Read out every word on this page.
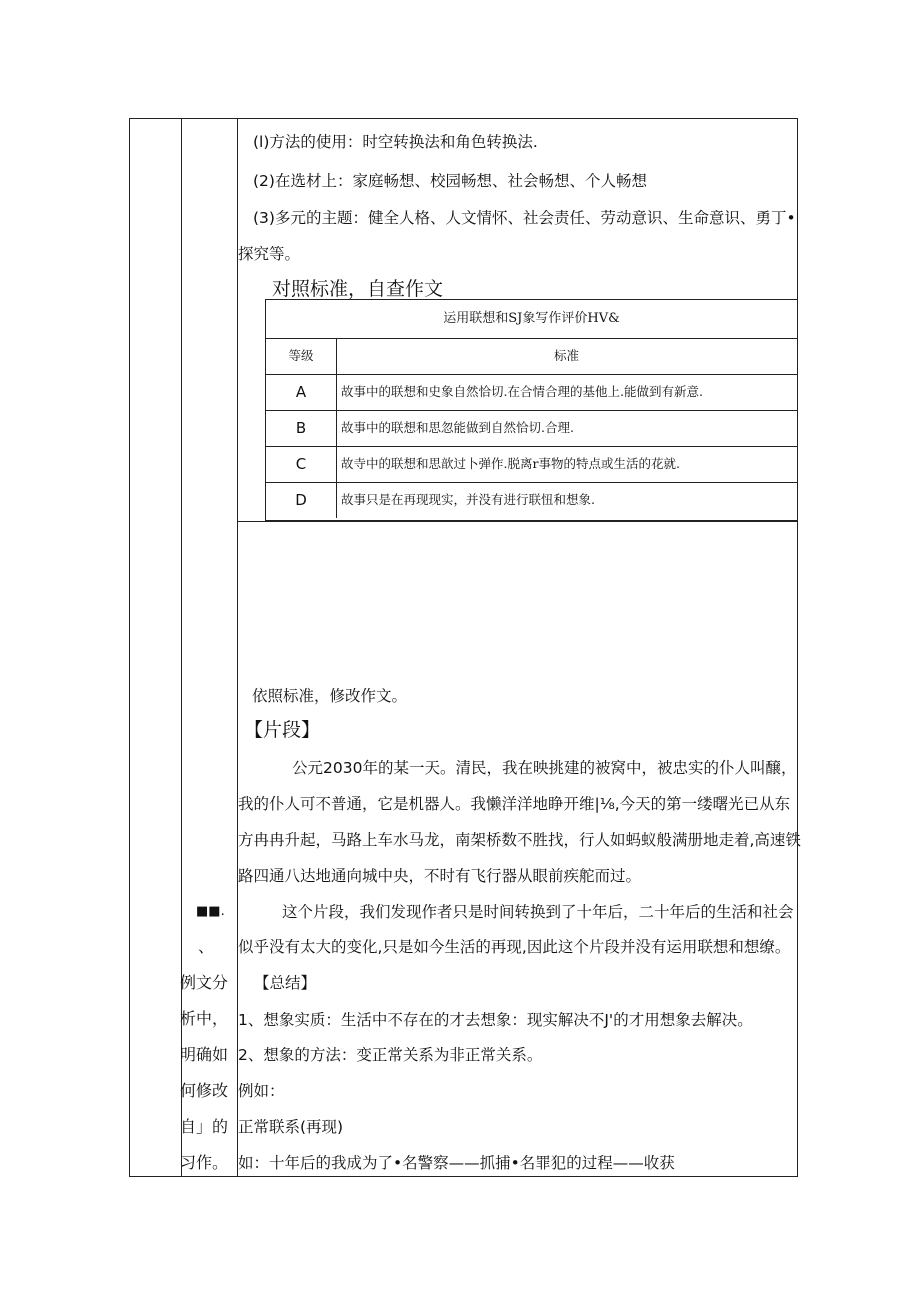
(l)方法的使用：时空转换法和角色转换法.
(2)在选材上：家庭畅想、校园畅想、社会畅想、个人畅想
(3)多元的主题：健全人格、人文情怀、社会责任、劳动意识、生命意识、勇丁•
探究等。
对照标准，自查作文
运用联想和SJ象写作评价HV&
等级	标准
A	故事中的联想和史象自然恰切.在合情合理的基他上.能做到有新意.
B	故事中的联想和思忽能做到自然恰切.合理.
C	故寺中的联想和思歆过卜弹作.脱离r事物的特点或生活的花就.
D	故事只是在再现现实，并没有进行联忸和想象.
依照标准，修改作文。
【片段】
公元2030年的某一天。清民，我在映挑建的被窝中，被忠实的仆人叫醸，
我的仆人可不普通，它是机器人。我懒洋洋地睁开维|⅛,今天的第一缕曙光已从东
方冉冉升起，马路上车水马龙，南架桥数不胜找，行人如蚂蚁般满册地走着,高速铁
路四通八达地通向城中央，不时有飞行器从眼前疾舵而过。
这个片段，我们发现作者只是时间转换到了十年后，二十年后的生活和社会
似乎没有太大的变化,只是如今生活的再现,因此这个片段并没有运用联想和想缭。
【总结】
1、想象实质：生活中不存在的才去想象：现实解决不J'的才用想象去解决。
2、想象的方法：变正常关系为非正常关系。
例如：
正常联系(再现)
如：十年后的我成为了•名警察——抓捕•名罪犯的过程——收获
■■.
、
例文分
析中，
明确如
何修改
自」的
习作。
